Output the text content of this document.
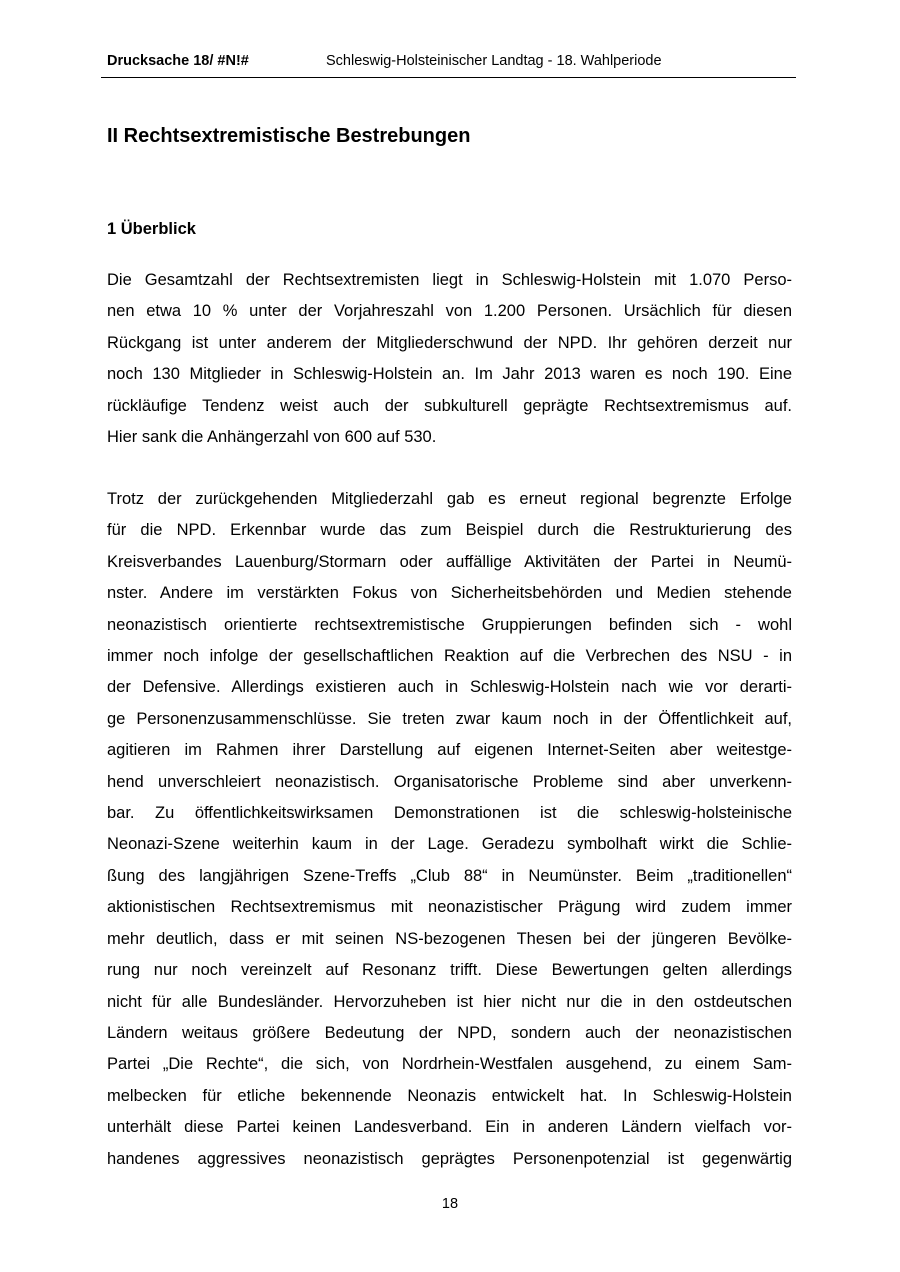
Drucksache 18/ #N!#	Schleswig-Holsteinischer Landtag - 18. Wahlperiode
II Rechtsextremistische Bestrebungen
1 Überblick

Die Gesamtzahl der Rechtsextremisten liegt in Schleswig-Holstein mit 1.070 Perso-
nen etwa 10 % unter der Vorjahreszahl von 1.200 Personen. Ursächlich für diesen
Rückgang ist unter anderem der Mitgliederschwund der NPD. Ihr gehören derzeit nur
noch 130 Mitglieder in Schleswig-Holstein an. Im Jahr 2013 waren es noch 190. Eine
rückläufige Tendenz weist auch der subkulturell geprägte Rechtsextremismus auf.
Hier sank die Anhängerzahl von 600 auf 530.

Trotz der zurückgehenden Mitgliederzahl gab es erneut regional begrenzte Erfolge
für die NPD. Erkennbar wurde das zum Beispiel durch die Restrukturierung des
Kreisverbandes Lauenburg/Stormarn oder auffällige Aktivitäten der Partei in Neumü-
nster. Andere im verstärkten Fokus von Sicherheitsbehörden und Medien stehende
neonazistisch orientierte rechtsextremistische Gruppierungen befinden sich - wohl
immer noch infolge der gesellschaftlichen Reaktion auf die Verbrechen des NSU - in
der Defensive. Allerdings existieren auch in Schleswig-Holstein nach wie vor derarti-
ge Personenzusammenschlüsse. Sie treten zwar kaum noch in der Öffentlichkeit auf,
agitieren im Rahmen ihrer Darstellung auf eigenen Internet-Seiten aber weitestge-
hend unverschleiert neonazistisch. Organisatorische Probleme sind aber unverkenn-
bar. Zu öffentlichkeitswirksamen Demonstrationen ist die schleswig-holsteinische
Neonazi-Szene weiterhin kaum in der Lage. Geradezu symbolhaft wirkt die Schlie-
ßung des langjährigen Szene-Treffs „Club 88“ in Neumünster. Beim „traditionellen“
aktionistischen Rechtsextremismus mit neonazistischer Prägung wird zudem immer
mehr deutlich, dass er mit seinen NS-bezogenen Thesen bei der jüngeren Bevölke-
rung nur noch vereinzelt auf Resonanz trifft. Diese Bewertungen gelten allerdings
nicht für alle Bundesländer. Hervorzuheben ist hier nicht nur die in den ostdeutschen
Ländern weitaus größere Bedeutung der NPD, sondern auch der neonazistischen
Partei „Die Rechte“, die sich, von Nordrhein-Westfalen ausgehend, zu einem Sam-
melbecken für etliche bekennende Neonazis entwickelt hat. In Schleswig-Holstein
unterhält diese Partei keinen Landesverband. Ein in anderen Ländern vielfach vor-
handenes aggressives neonazistisch geprägtes Personenpotenzial ist gegenwärtig

18
